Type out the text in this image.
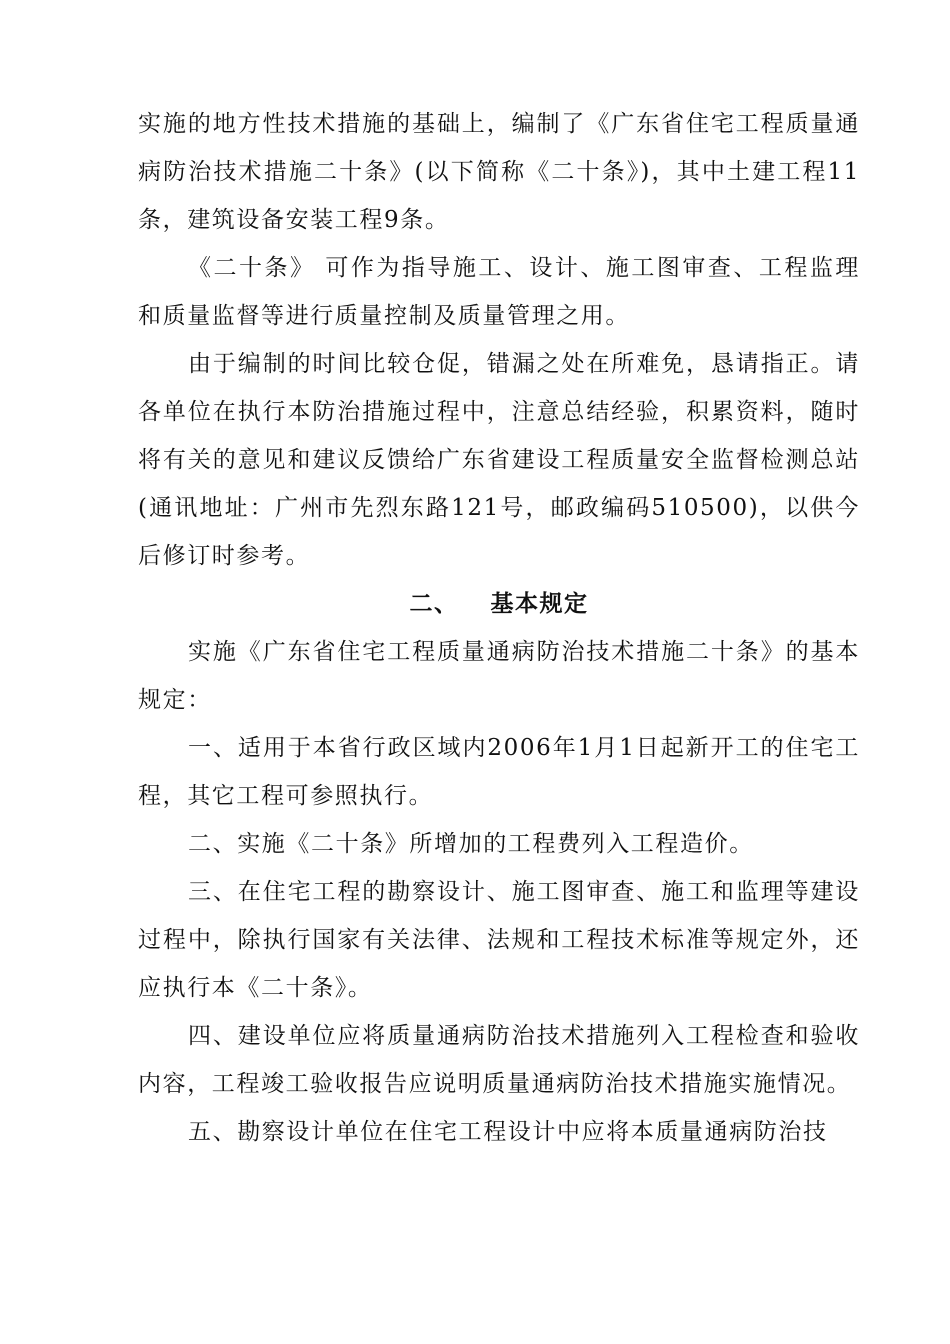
实施的地方性技术措施的基础上，编制了《广东省住宅工程质量通病防治技术措施二十条》(以下简称《二十条》)，其中土建工程11条，建筑设备安装工程9条。

《二十条》 可作为指导施工、设计、施工图审查、工程监理和质量监督等进行质量控制及质量管理之用。

由于编制的时间比较仓促，错漏之处在所难免，恳请指正。请各单位在执行本防治措施过程中，注意总结经验，积累资料，随时将有关的意见和建议反馈给广东省建设工程质量安全监督检测总站(通讯地址：广州市先烈东路121号，邮政编码510500)，以供今后修订时参考。

二、 基本规定

实施《广东省住宅工程质量通病防治技术措施二十条》的基本规定：

一、适用于本省行政区域内2006年1月1日起新开工的住宅工程，其它工程可参照执行。

二、实施《二十条》所增加的工程费列入工程造价。

三、在住宅工程的勘察设计、施工图审查、施工和监理等建设过程中，除执行国家有关法律、法规和工程技术标准等规定外，还应执行本《二十条》。

四、建设单位应将质量通病防治技术措施列入工程检查和验收内容，工程竣工验收报告应说明质量通病防治技术措施实施情况。

五、勘察设计单位在住宅工程设计中应将本质量通病防治技
